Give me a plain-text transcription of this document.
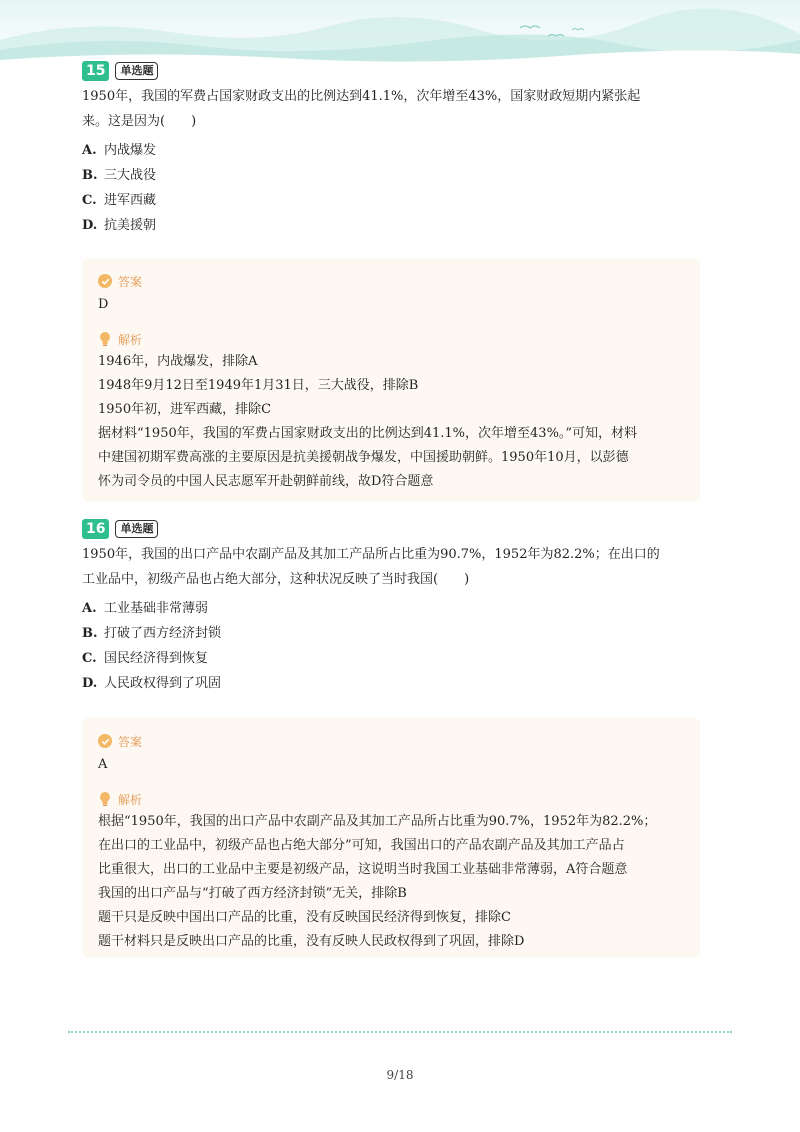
15	单选题
1950年，我国的军费占国家财政支出的比例达到41.1%，次年增至43%，国家财政短期内紧张起
来。这是因为(　　)
A. 内战爆发
B. 三大战役
C. 进军西藏
D. 抗美援朝
答案
D
解析
1946年，内战爆发，排除A
1948年9月12日至1949年1月31日，三大战役，排除B
1950年初，进军西藏，排除C
据材料“1950年，我国的军费占国家财政支出的比例达到41.1%，次年增至43%。”可知，材料
中建国初期军费高涨的主要原因是抗美援朝战争爆发，中国援助朝鲜。1950年10月，以彭德
怀为司令员的中国人民志愿军开赴朝鲜前线，故D符合题意
16	单选题
1950年，我国的出口产品中农副产品及其加工产品所占比重为90.7%，1952年为82.2%；在出口的
工业品中，初级产品也占绝大部分，这种状况反映了当时我国(　　)
A. 工业基础非常薄弱
B. 打破了西方经济封锁
C. 国民经济得到恢复
D. 人民政权得到了巩固
答案
A
解析
根据“1950年，我国的出口产品中农副产品及其加工产品所占比重为90.7%，1952年为82.2%；
在出口的工业品中，初级产品也占绝大部分”可知，我国出口的产品农副产品及其加工产品占
比重很大，出口的工业品中主要是初级产品，这说明当时我国工业基础非常薄弱，A符合题意
我国的出口产品与“打破了西方经济封锁”无关，排除B
题干只是反映中国出口产品的比重，没有反映国民经济得到恢复，排除C
题干材料只是反映出口产品的比重，没有反映人民政权得到了巩固，排除D
9/18
